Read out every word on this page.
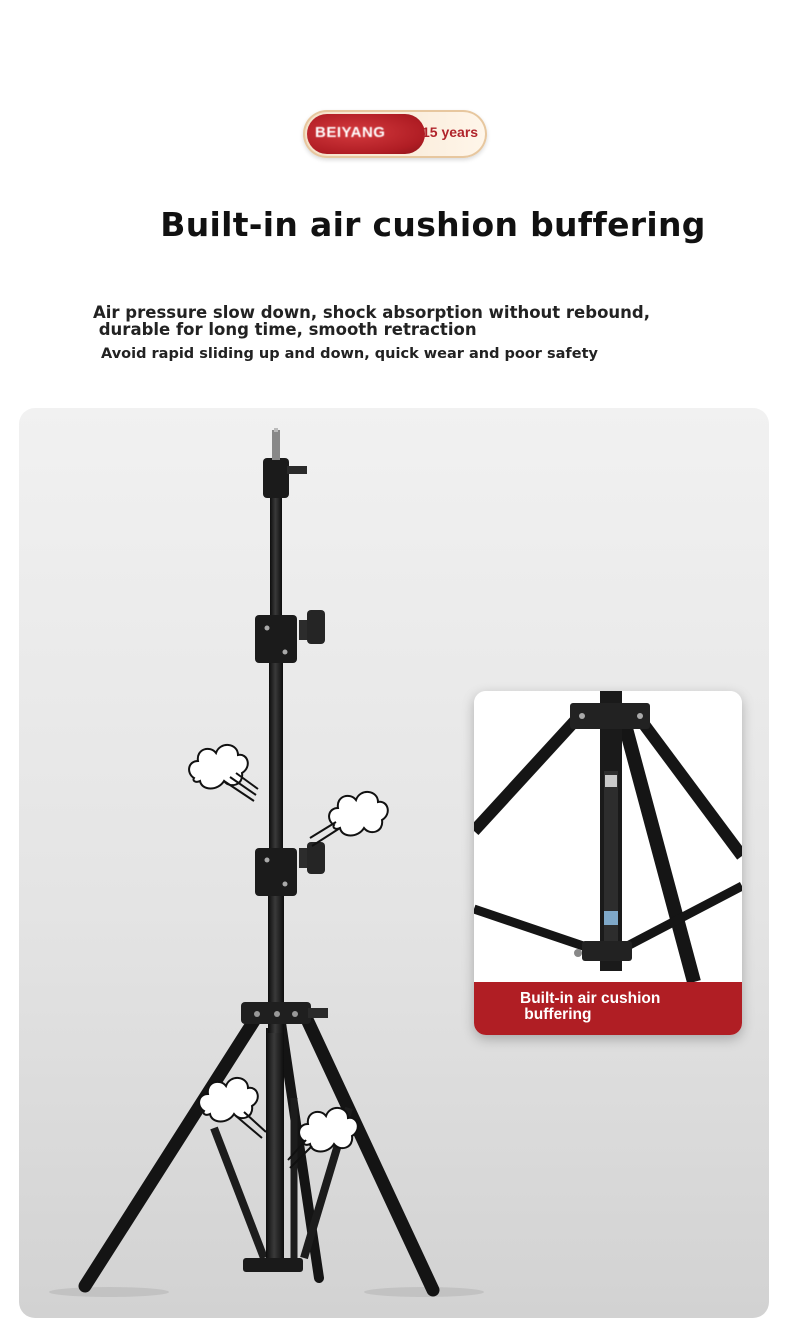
BEIYANG	15 years
Built-in air cushion buffering
Air pressure slow down, shock absorption without rebound,
durable for long time, smooth retraction
Avoid rapid sliding up and down, quick wear and poor safety
Built-in air cushion
buffering
